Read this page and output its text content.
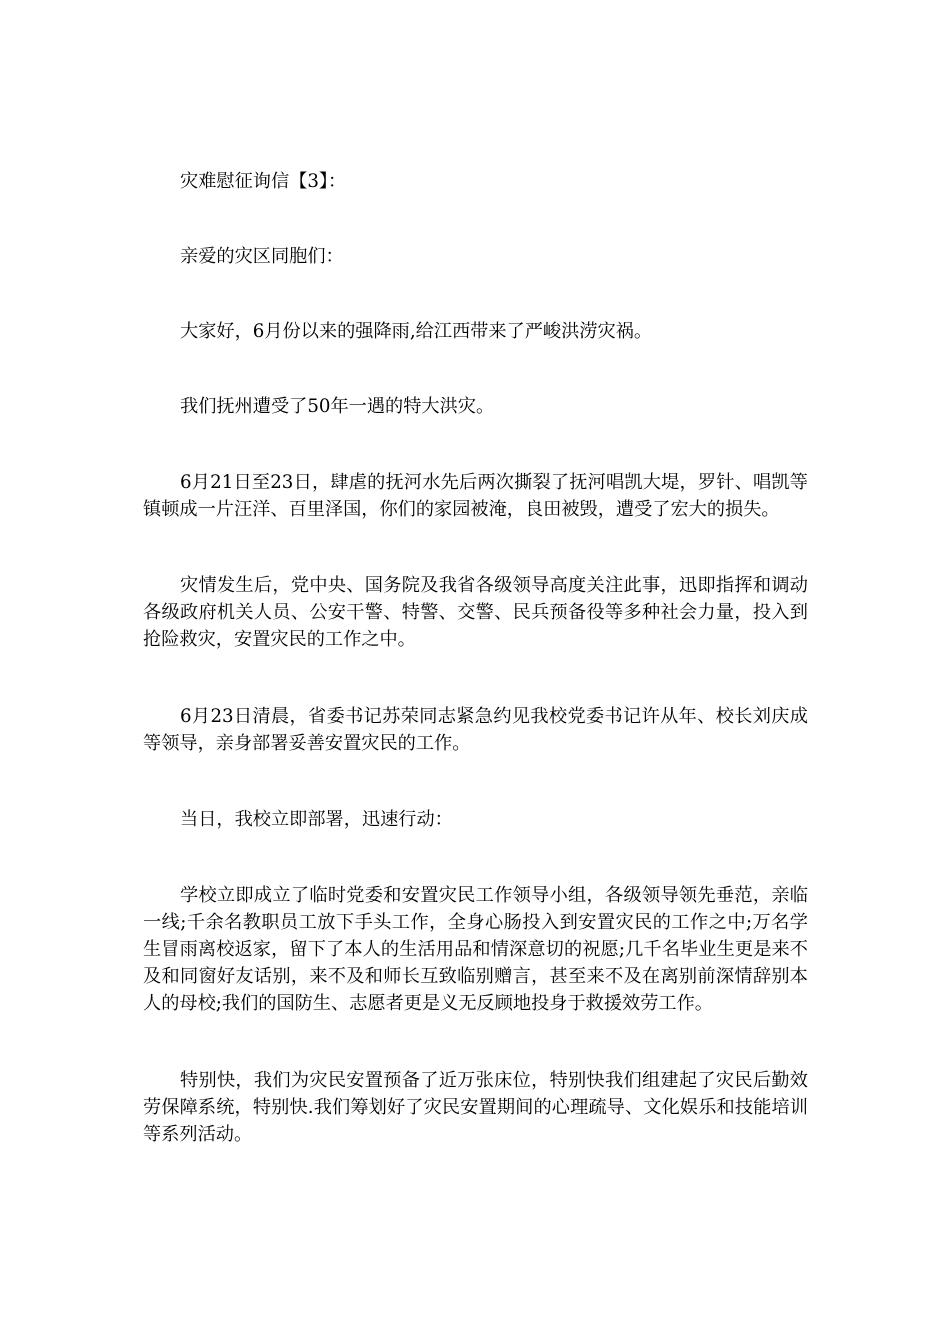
灾难慰征询信【3】：

亲爱的灾区同胞们：

大家好，6月份以来的强降雨,给江西带来了严峻洪涝灾祸。

我们抚州遭受了50年一遇的特大洪灾。

6月21日至23日，肆虐的抚河水先后两次撕裂了抚河唱凯大堤，罗针、唱凯等镇顿成一片汪洋、百里泽国，你们的家园被淹，良田被毁，遭受了宏大的损失。

灾情发生后，党中央、国务院及我省各级领导高度关注此事，迅即指挥和调动各级政府机关人员、公安干警、特警、交警、民兵预备役等多种社会力量，投入到抢险救灾，安置灾民的工作之中。

6月23日清晨，省委书记苏荣同志紧急约见我校党委书记许从年、校长刘庆成等领导，亲身部署妥善安置灾民的工作。

当日，我校立即部署，迅速行动：

学校立即成立了临时党委和安置灾民工作领导小组，各级领导领先垂范，亲临一线;千余名教职员工放下手头工作，全身心肠投入到安置灾民的工作之中;万名学生冒雨离校返家，留下了本人的生活用品和情深意切的祝愿;几千名毕业生更是来不及和同窗好友话别，来不及和师长互致临别赠言，甚至来不及在离别前深情辞别本人的母校;我们的国防生、志愿者更是义无反顾地投身于救援效劳工作。

特别快，我们为灾民安置预备了近万张床位，特别快我们组建起了灾民后勤效劳保障系统，特别快.我们筹划好了灾民安置期间的心理疏导、文化娱乐和技能培训等系列活动。
